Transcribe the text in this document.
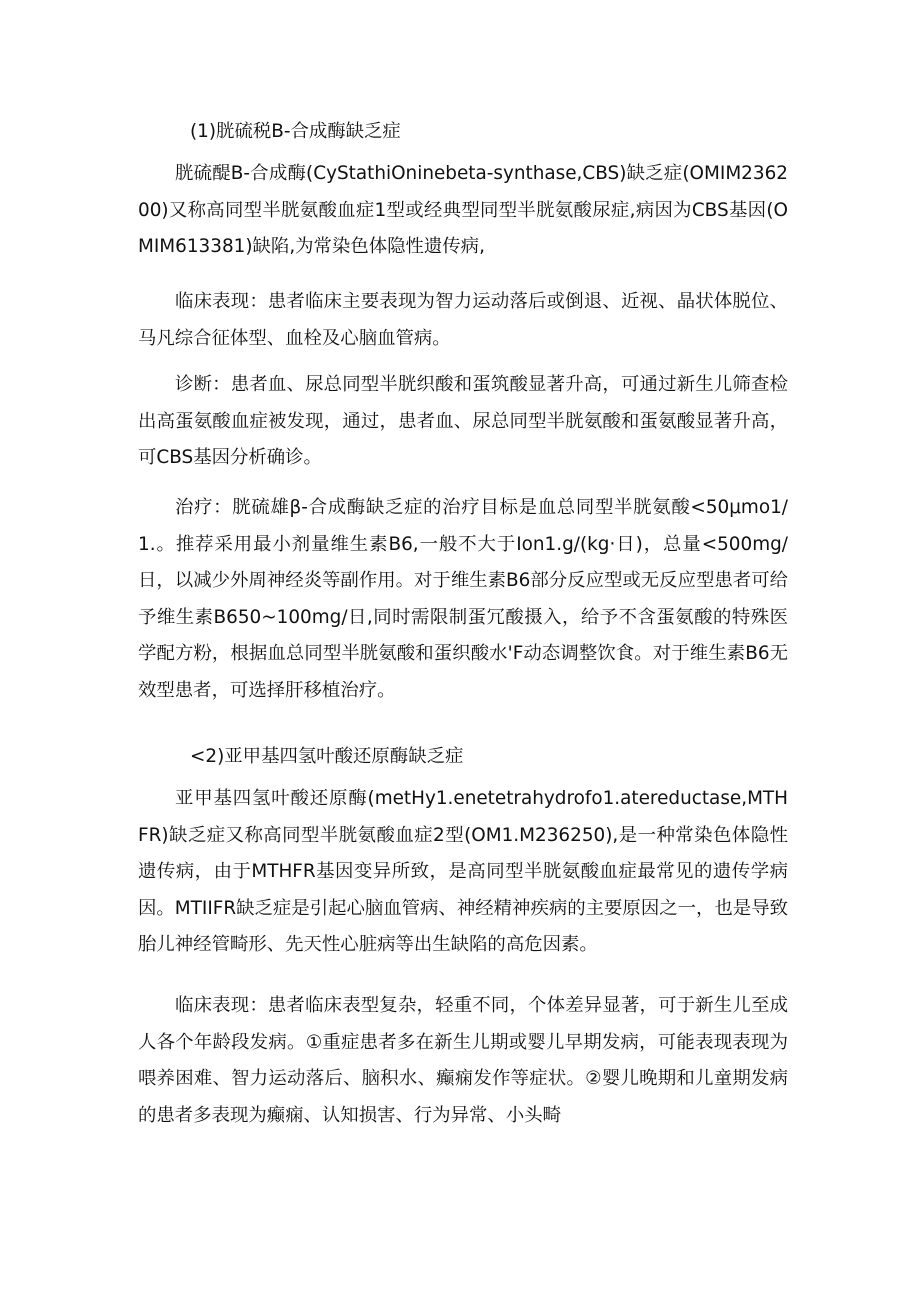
(1)胱硫税B-合成酶缺乏症

胱硫醍B-合成酶(CyStathiOninebeta-synthase,CBS)缺乏症(OMIM236200)又称高同型半胱氨酸血症1型或经典型同型半胱氨酸尿症,病因为CBS基因(OMIM613381)缺陷,为常染色体隐性遗传病,

临床表现：患者临床主要表现为智力运动落后或倒退、近视、晶状体脱位、马凡综合征体型、血栓及心脑血管病。

诊断：患者血、尿总同型半胱织酸和蛋筑酸显著升高，可通过新生儿筛查检出高蛋氨酸血症被发现，通过，患者血、尿总同型半胱氨酸和蛋氨酸显著升高，可CBS基因分析确诊。

治疗：胱硫雄β-合成酶缺乏症的治疗目标是血总同型半胱氨酸<50μmo1/1.。推荐采用最小剂量维生素B6,一般不大于Ion1.g/(kg·日)，总量<500mg/日，以减少外周神经炎等副作用。对于维生素B6部分反应型或无反应型患者可给予维生素B650~100mg/日,同时需限制蛋冗酸摄入，给予不含蛋氨酸的特殊医学配方粉，根据血总同型半胱氨酸和蛋织酸水'F动态调整饮食。对于维生素B6无效型患者，可选择肝移植治疗。

<2)亚甲基四氢叶酸还原酶缺乏症

亚甲基四氢叶酸还原酶(metHy1.enetetrahydrofo1.atereductase,MTHFR)缺乏症又称高同型半胱氨酸血症2型(OM1.M236250),是一种常染色体隐性遗传病，由于MTHFR基因变异所致，是高同型半胱氨酸血症最常见的遗传学病因。MTIIFR缺乏症是引起心脑血管病、神经精神疾病的主要原因之一，也是导致胎儿神经管畸形、先天性心脏病等出生缺陷的高危因素。

临床表现：患者临床表型复杂，轻重不同，个体差异显著，可于新生儿至成人各个年龄段发病。①重症患者多在新生儿期或婴儿早期发病，可能表现表现为喂养困难、智力运动落后、脑积水、癫痫发作等症状。②婴儿晚期和儿童期发病的患者多表现为癫痫、认知损害、行为异常、小头畸
